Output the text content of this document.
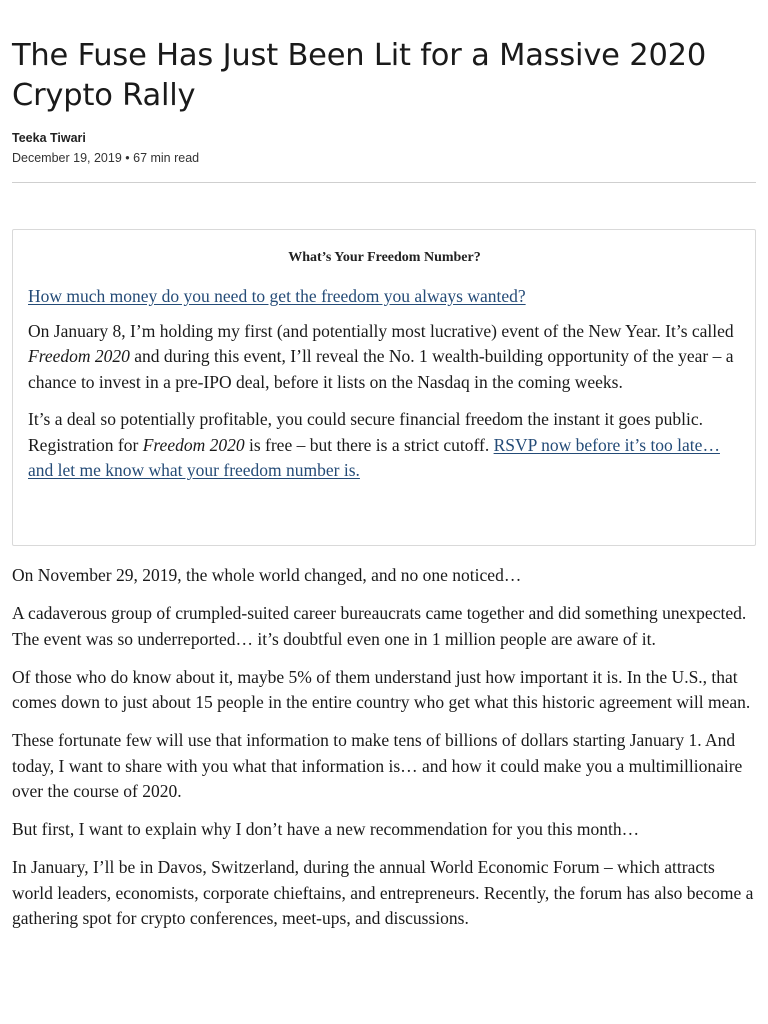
The Fuse Has Just Been Lit for a Massive 2020 Crypto Rally
Teeka Tiwari
December 19, 2019 • 67 min read
What’s Your Freedom Number?
How much money do you need to get the freedom you always wanted?

On January 8, I’m holding my first (and potentially most lucrative) event of the New Year. It’s called Freedom 2020 and during this event, I’ll reveal the No. 1 wealth-building opportunity of the year – a chance to invest in a pre-IPO deal, before it lists on the Nasdaq in the coming weeks.

It’s a deal so potentially profitable, you could secure financial freedom the instant it goes public. Registration for Freedom 2020 is free – but there is a strict cutoff. RSVP now before it’s too late… and let me know what your freedom number is.

On November 29, 2019, the whole world changed, and no one noticed…

A cadaverous group of crumpled-suited career bureaucrats came together and did something unexpected. The event was so underreported… it’s doubtful even one in 1 million people are aware of it.

Of those who do know about it, maybe 5% of them understand just how important it is. In the U.S., that comes down to just about 15 people in the entire country who get what this historic agreement will mean.

These fortunate few will use that information to make tens of billions of dollars starting January 1. And today, I want to share with you what that information is… and how it could make you a multimillionaire over the course of 2020.

But first, I want to explain why I don’t have a new recommendation for you this month…

In January, I’ll be in Davos, Switzerland, during the annual World Economic Forum – which attracts world leaders, economists, corporate chieftains, and entrepreneurs. Recently, the forum has also become a gathering spot for crypto conferences, meet-ups, and discussions.
